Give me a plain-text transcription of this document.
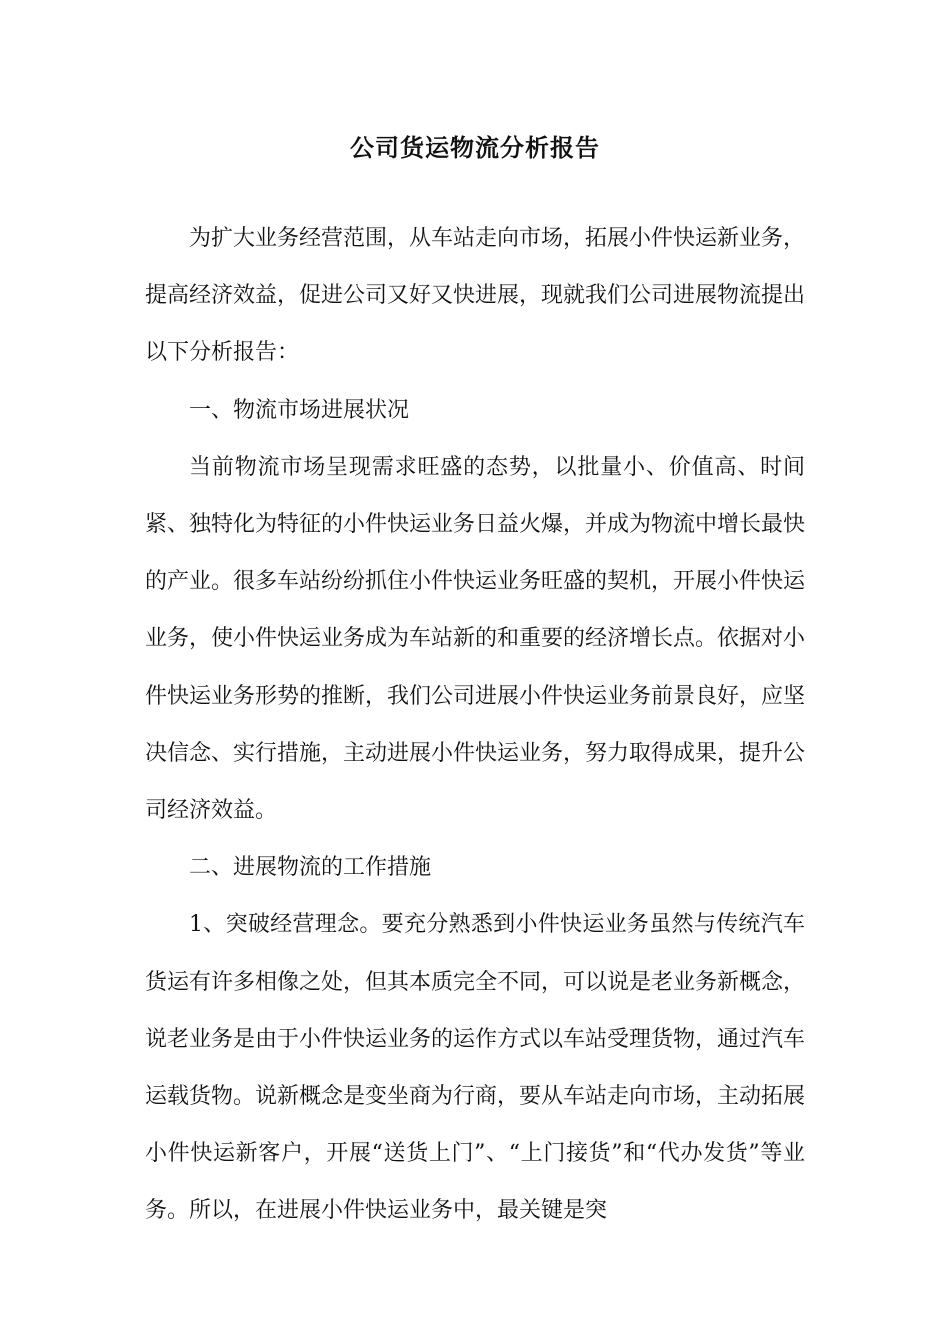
公司货运物流分析报告

为扩大业务经营范围，从车站走向市场，拓展小件快运新业务，提高经济效益，促进公司又好又快进展，现就我们公司进展物流提出以下分析报告：

一、物流市场进展状况

当前物流市场呈现需求旺盛的态势，以批量小、价值高、时间紧、独特化为特征的小件快运业务日益火爆，并成为物流中增长最快的产业。很多车站纷纷抓住小件快运业务旺盛的契机，开展小件快运业务，使小件快运业务成为车站新的和重要的经济增长点。依据对小件快运业务形势的推断，我们公司进展小件快运业务前景良好，应坚决信念、实行措施，主动进展小件快运业务，努力取得成果，提升公司经济效益。

二、进展物流的工作措施

1、突破经营理念。要充分熟悉到小件快运业务虽然与传统汽车货运有许多相像之处，但其本质完全不同，可以说是老业务新概念，说老业务是由于小件快运业务的运作方式以车站受理货物，通过汽车运载货物。说新概念是变坐商为行商，要从车站走向市场，主动拓展小件快运新客户，开展“送货上门”、“上门接货”和“代办发货”等业务。所以，在进展小件快运业务中，最关键是突
